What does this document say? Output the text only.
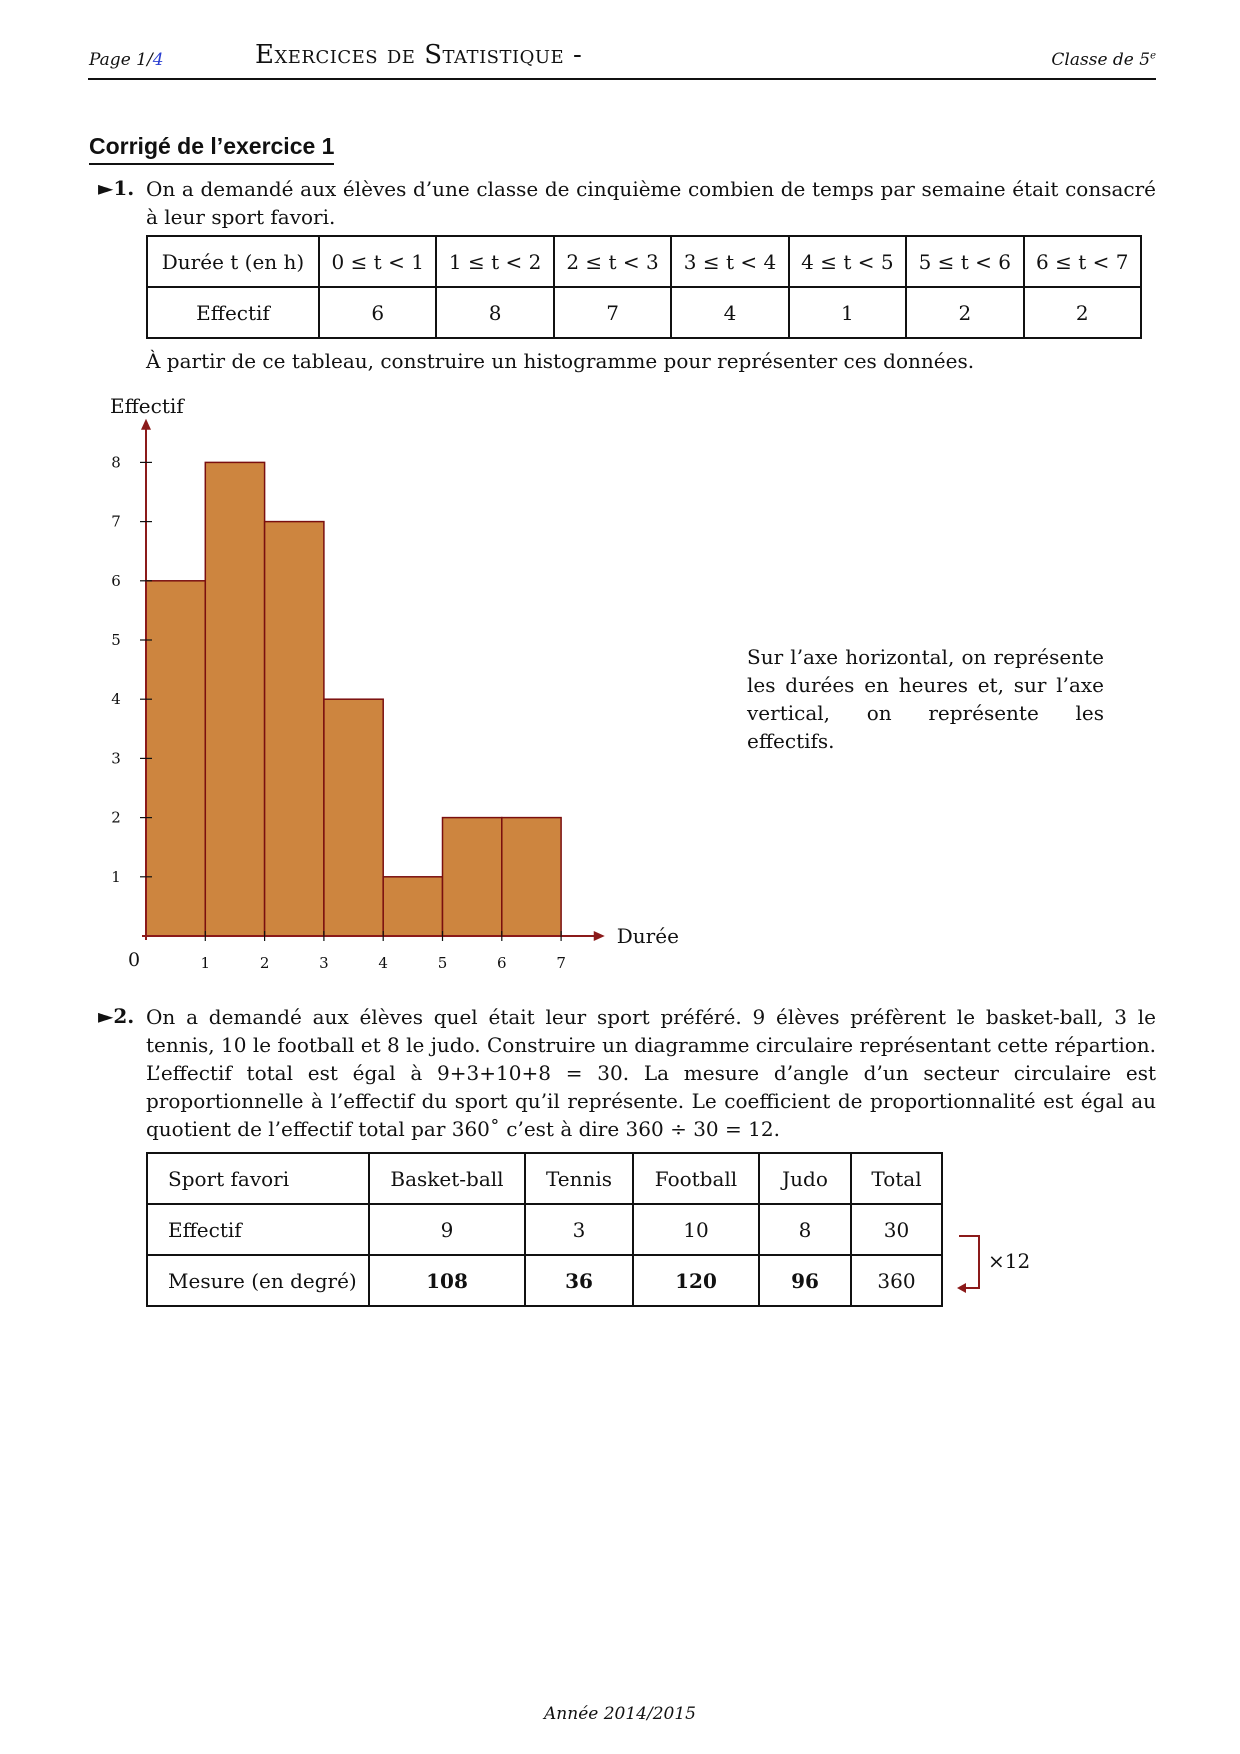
Page 1/4	Exercices de Statistique -	Classe de 5e
Corrigé de l’exercice 1
►1. On a demandé aux élèves d’une classe de cinquième combien de temps par semaine était consacré à leur sport favori.
Durée t (en h)	0 ≤ t < 1	1 ≤ t < 2	2 ≤ t < 3	3 ≤ t < 4	4 ≤ t < 5	5 ≤ t < 6	6 ≤ t < 7
Effectif	6	8	7	4	1	2	2
À partir de ce tableau, construire un histogramme pour représenter ces données.
1
2
3
4
5
6
7
8
1	2	3	4	5	6	7
0
Durée
Effectif
Sur l’axe horizontal, on représente les durées en heures et, sur l’axe vertical, on représente les effectifs.
►2. On a demandé aux élèves quel était leur sport préféré. 9 élèves préfèrent le basket-ball, 3 le tennis, 10 le football et 8 le judo. Construire un diagramme circulaire représentant cette répartion.
L’effectif total est égal à 9+3+10+8 = 30. La mesure d’angle d’un secteur circulaire est proportionnelle à l’effectif du sport qu’il représente. Le coefficient de proportionnalité est égal au quotient de l’effectif total par 360˚ c’est à dire 360 ÷ 30 = 12.
Sport favori	Basket-ball	Tennis	Football	Judo	Total
Effectif	9	3	10	8	30
Mesure (en degré)	108	36	120	96	360
×12
Année 2014/2015
